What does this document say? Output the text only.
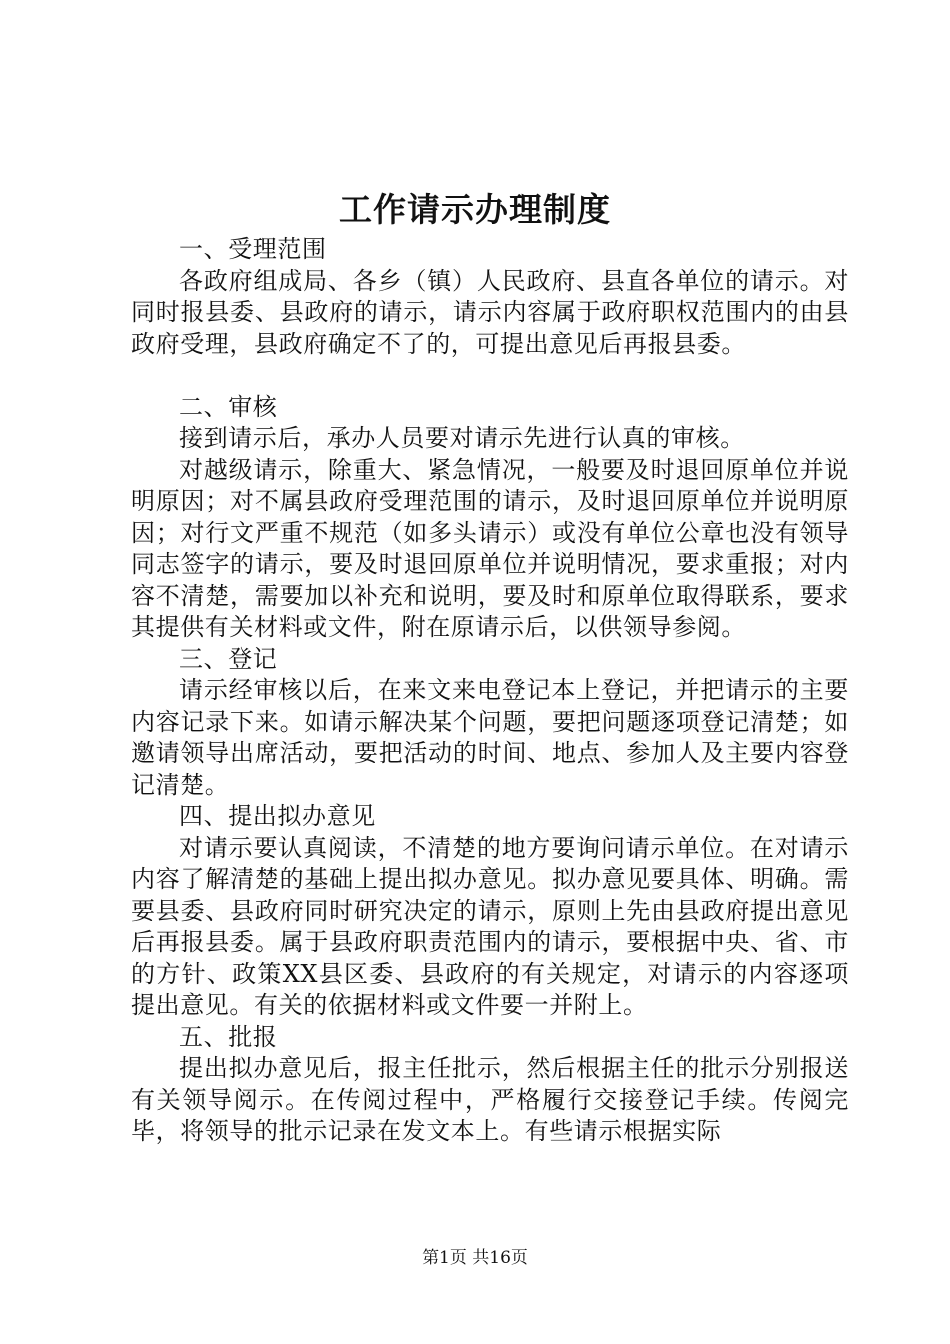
工作请示办理制度

一、受理范围

各政府组成局、各乡（镇）人民政府、县直各单位的请示。对同时报县委、县政府的请示，请示内容属于政府职权范围内的由县政府受理，县政府确定不了的，可提出意见后再报县委。

二、审核

接到请示后，承办人员要对请示先进行认真的审核。

对越级请示，除重大、紧急情况，一般要及时退回原单位并说明原因；对不属县政府受理范围的请示，及时退回原单位并说明原因；对行文严重不规范（如多头请示）或没有单位公章也没有领导同志签字的请示，要及时退回原单位并说明情况，要求重报；对内容不清楚，需要加以补充和说明，要及时和原单位取得联系，要求其提供有关材料或文件，附在原请示后，以供领导参阅。

三、登记

请示经审核以后，在来文来电登记本上登记，并把请示的主要内容记录下来。如请示解决某个问题，要把问题逐项登记清楚；如邀请领导出席活动，要把活动的时间、地点、参加人及主要内容登记清楚。

四、提出拟办意见

对请示要认真阅读，不清楚的地方要询问请示单位。在对请示内容了解清楚的基础上提出拟办意见。拟办意见要具体、明确。需要县委、县政府同时研究决定的请示，原则上先由县政府提出意见后再报县委。属于县政府职责范围内的请示，要根据中央、省、市的方针、政策XX县区委、县政府的有关规定，对请示的内容逐项提出意见。有关的依据材料或文件要一并附上。

五、批报

提出拟办意见后，报主任批示，然后根据主任的批示分别报送有关领导阅示。在传阅过程中，严格履行交接登记手续。传阅完毕，将领导的批示记录在发文本上。有些请示根据实际

第1页 共16页
